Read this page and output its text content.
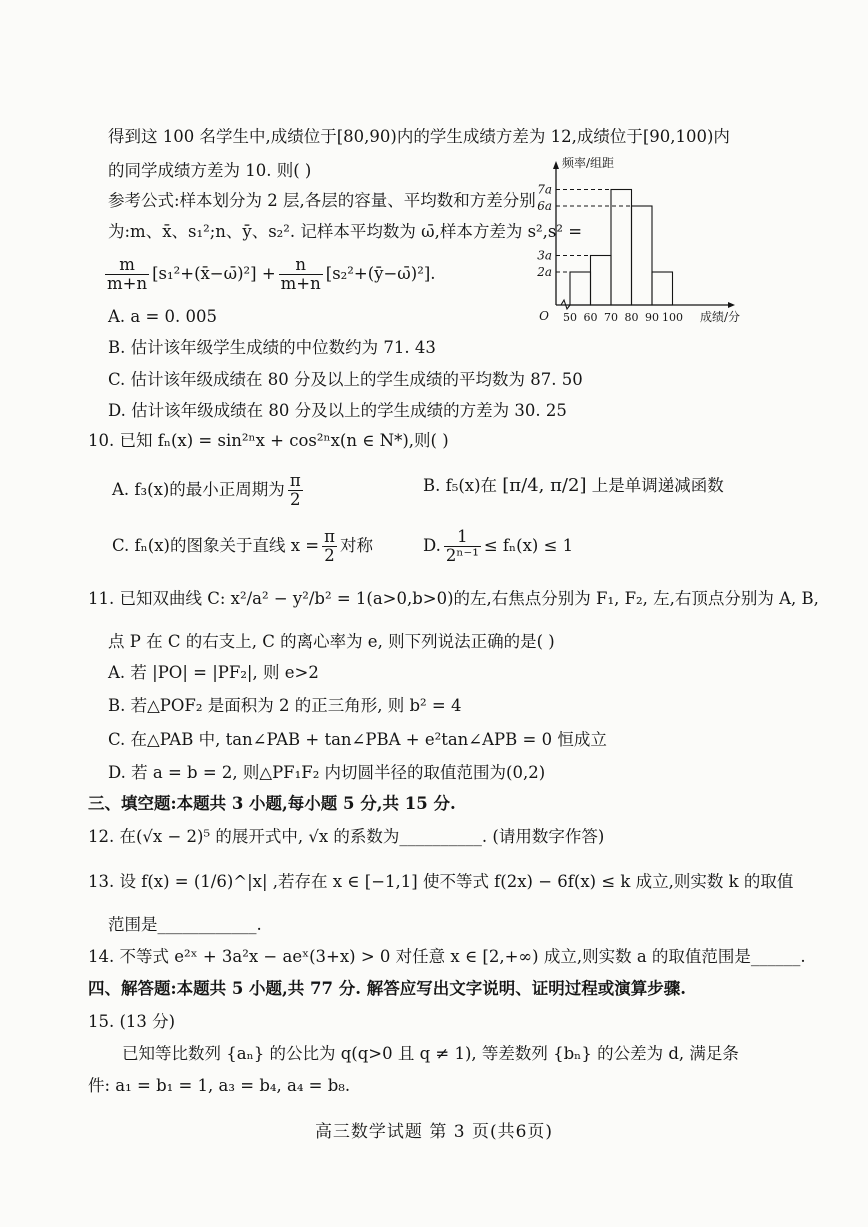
得到这 100 名学生中,成绩位于[80,90)内的学生成绩方差为 12,成绩位于[90,100)内
的同学成绩方差为 10. 则( )
参考公式:样本划分为 2 层,各层的容量、平均数和方差分别
为:m、x̄、s₁²;n、ȳ、s₂². 记样本平均数为 ω̄,样本方差为 s²,s² =
$\frac{m}{m+n}$ [s₁²+(x̄−ω̄)²] + $\frac{n}{m+n}$ [s₂²+(ȳ−ω̄)²].
A. a = 0. 005
B. 估计该年级学生成绩的中位数约为 71. 43
C. 估计该年级成绩在 80 分及以上的学生成绩的平均数为 87. 50
D. 估计该年级成绩在 80 分及以上的学生成绩的方差为 30. 25
频率/组距
成绩/分
O
2a
3a
6a
7a
50 60 70 80 90 100
10. 已知 fₙ(x) = sin²ⁿx + cos²ⁿx(n ∈ N*),则( )
A. f₃(x)的最小正周期为 $\frac{\pi}{2}$	B. f₅(x)在 [π/4, π/2] 上是单调递减函数
C. fₙ(x)的图象关于直线 $x = \frac{\pi}{2}$ 对称	D. $\frac{1}{\text{2ⁿ⁻¹}} \le f_n(x) \le 1$
11. 已知双曲线 C: x²/a² − y²/b² = 1(a>0,b>0)的左,右焦点分别为 F₁, F₂, 左,右顶点分别为 A, B,
点 P 在 C 的右支上, C 的离心率为 e, 则下列说法正确的是( )
A. 若 |PO| = |PF₂|, 则 e>2
B. 若△POF₂ 是面积为 2 的正三角形, 则 b² = 4
C. 在△PAB 中, tan∠PAB + tan∠PBA + e²tan∠APB = 0 恒成立
D. 若 a = b = 2, 则△PF₁F₂ 内切圆半径的取值范围为(0,2)
三、填空题:本题共 3 小题,每小题 5 分,共 15 分.
12. 在(√x − 2)⁵ 的展开式中, √x 的系数为__________. (请用数字作答)
13. 设 f(x) = (1/6)^|x| ,若存在 x ∈ [−1,1] 使不等式 f(2x) − 6f(x) ≤ k 成立,则实数 k 的取值
范围是____________.
14. 不等式 e²ˣ + 3a²x − aeˣ(3+x) > 0 对任意 x ∈ [2,+∞) 成立,则实数 a 的取值范围是______.
四、解答题:本题共 5 小题,共 77 分. 解答应写出文字说明、证明过程或演算步骤.
15. (13 分)
已知等比数列 {aₙ} 的公比为 q(q>0 且 q ≠ 1), 等差数列 {bₙ} 的公差为 d, 满足条
件: a₁ = b₁ = 1, a₃ = b₄, a₄ = b₈.
高三数学试题 第 3 页(共6页)
